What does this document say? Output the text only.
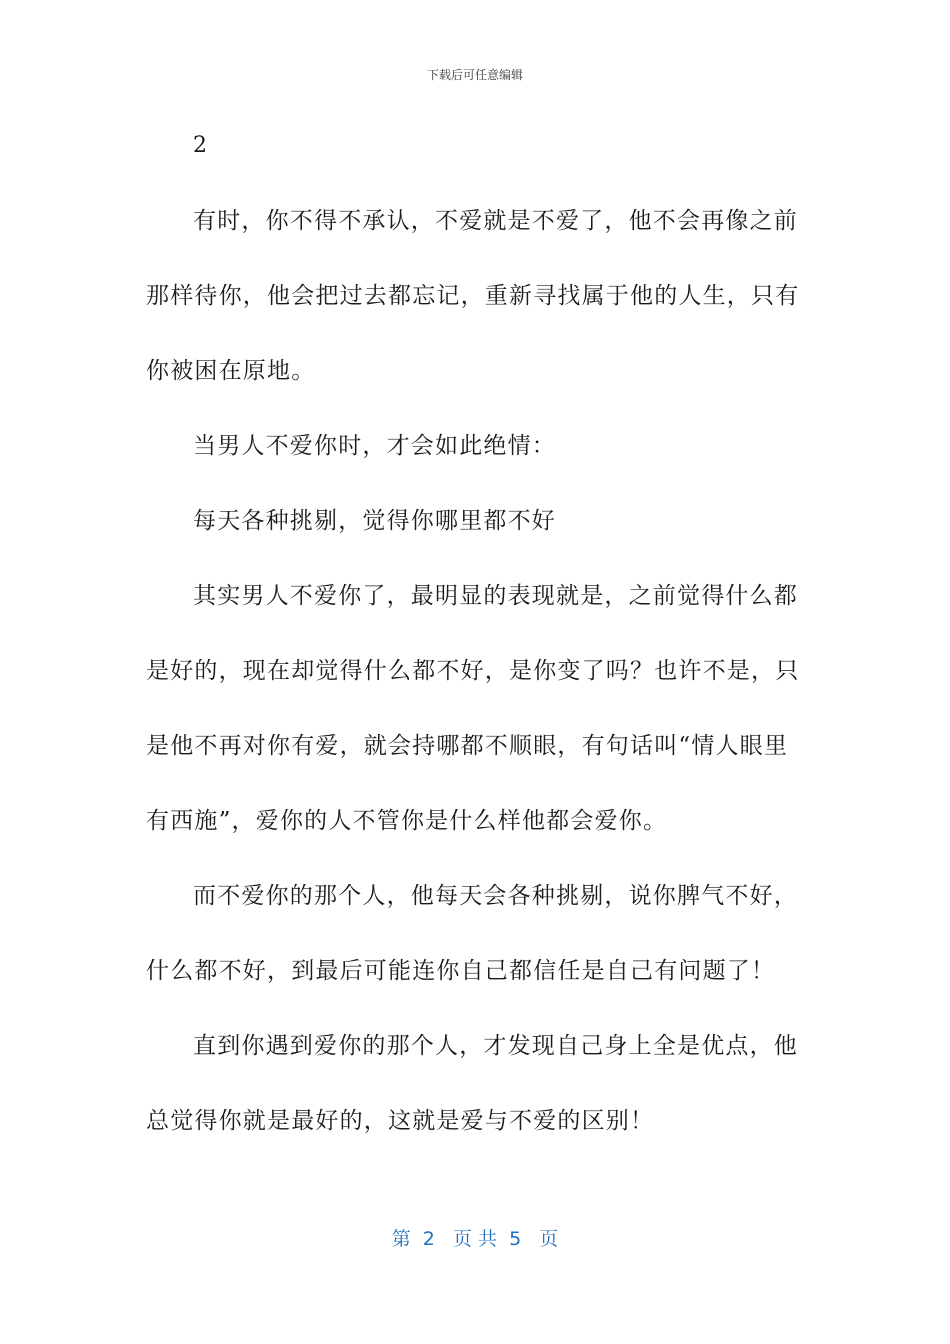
下载后可任意编辑
2
有时，你不得不承认，不爱就是不爱了，他不会再像之前
那样待你，他会把过去都忘记，重新寻找属于他的人生，只有
你被困在原地。
当男人不爱你时，才会如此绝情：
每天各种挑剔，觉得你哪里都不好
其实男人不爱你了，最明显的表现就是，之前觉得什么都
是好的，现在却觉得什么都不好，是你变了吗？也许不是，只
是他不再对你有爱，就会持哪都不顺眼，有句话叫“情人眼里
有西施”，爱你的人不管你是什么样他都会爱你。
而不爱你的那个人，他每天会各种挑剔，说你脾气不好，
什么都不好，到最后可能连你自己都信任是自己有问题了！
直到你遇到爱你的那个人，才发现自己身上全是优点，他
总觉得你就是最好的，这就是爱与不爱的区别！
第  2   页 共  5   页
